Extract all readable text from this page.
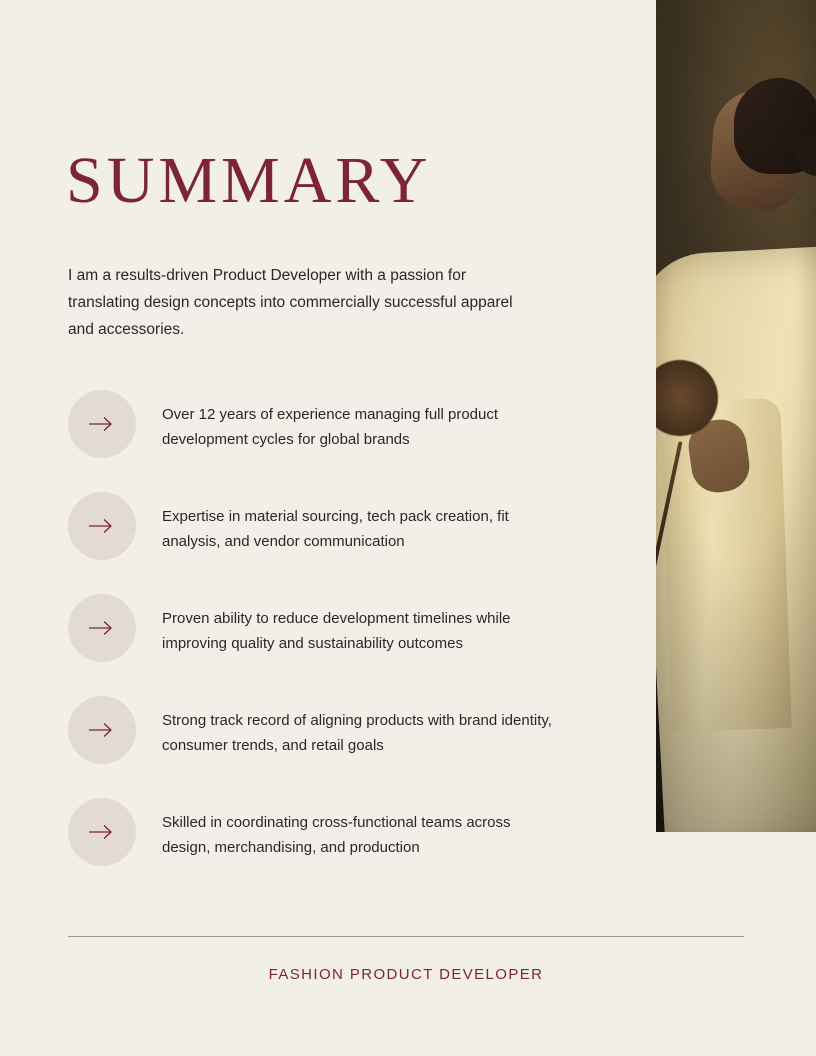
SUMMARY

I am a results-driven Product Developer with a passion for translating design concepts into commercially successful apparel and accessories.

Over 12 years of experience managing full product development cycles for global brands
Expertise in material sourcing, tech pack creation, fit analysis, and vendor communication
Proven ability to reduce development timelines while improving quality and sustainability outcomes
Strong track record of aligning products with brand identity, consumer trends, and retail goals
Skilled in coordinating cross-functional teams across design, merchandising, and production
FASHION PRODUCT DEVELOPER
